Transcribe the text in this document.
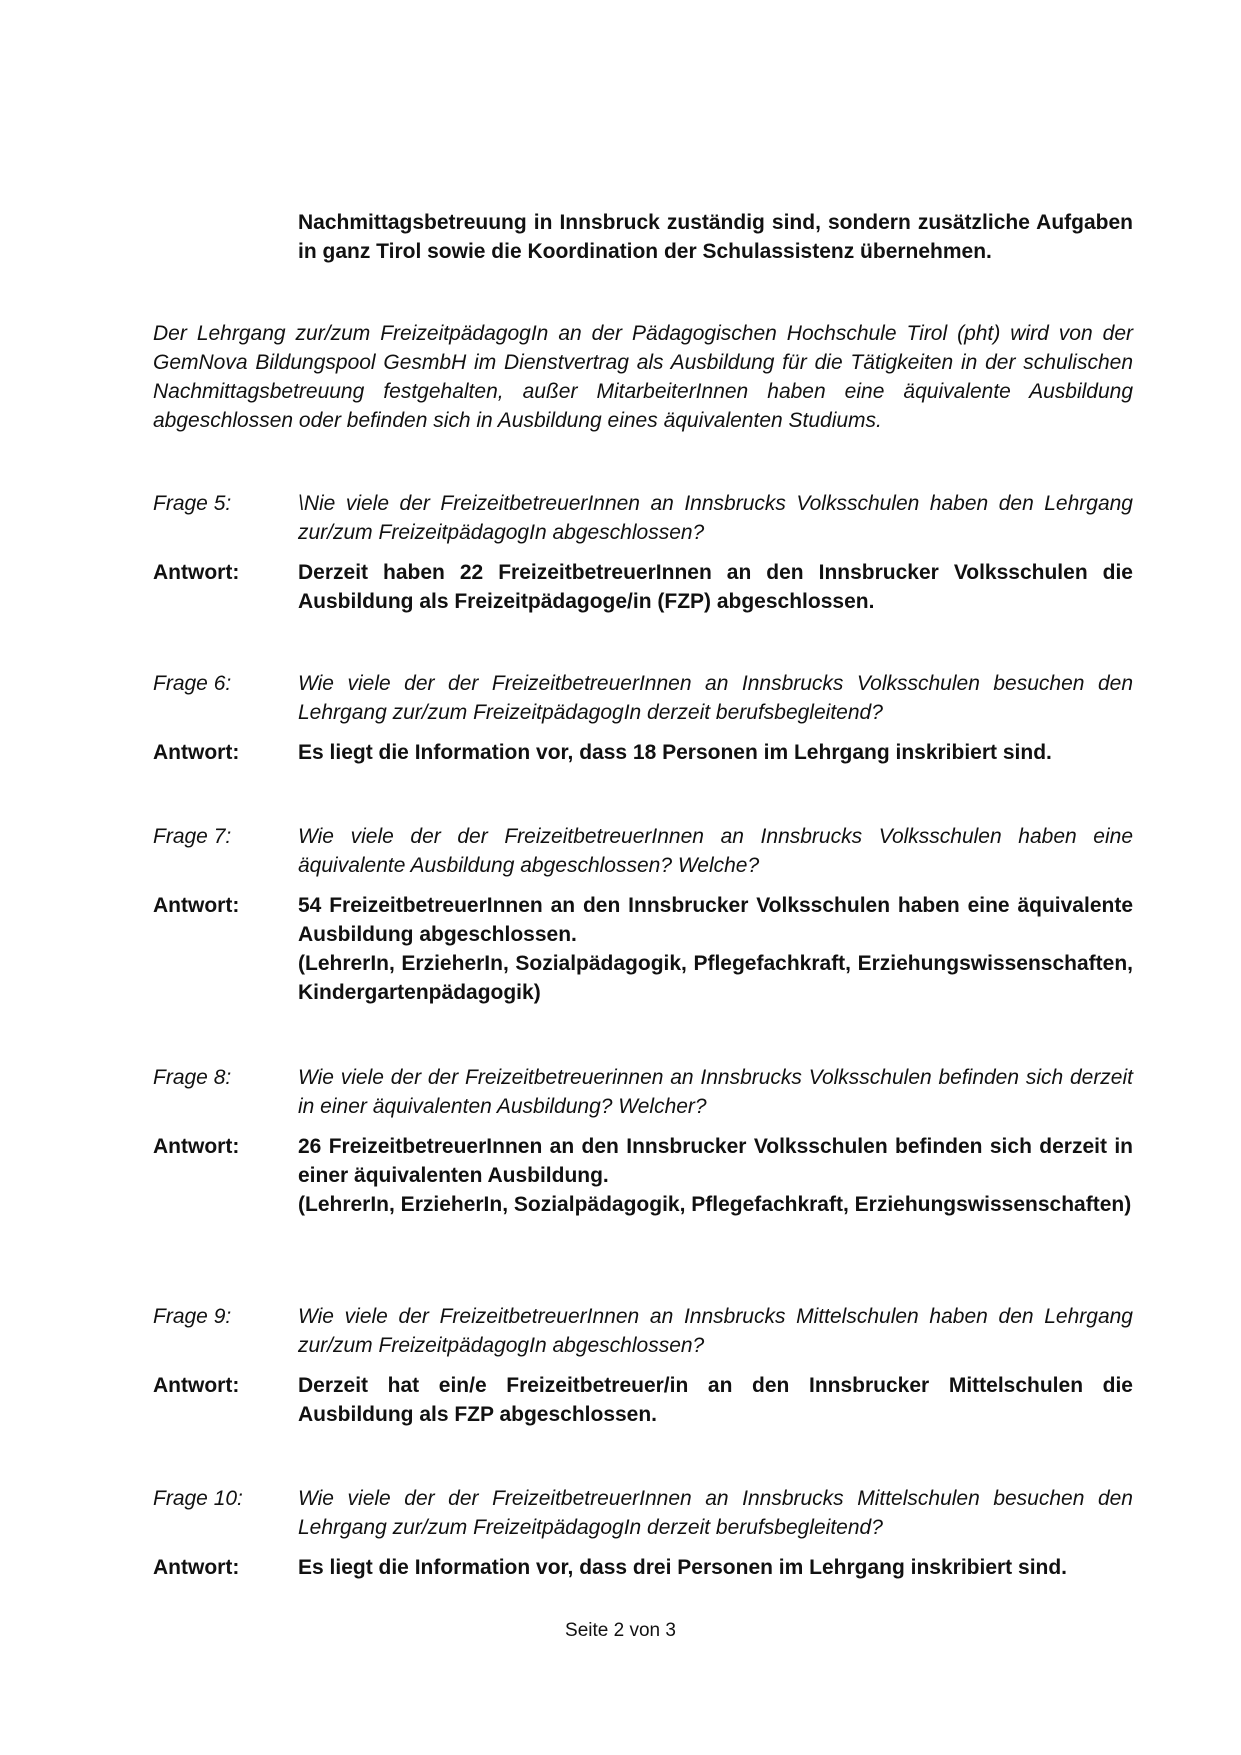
Nachmittagsbetreuung in Innsbruck zuständig sind, sondern zusätzliche Aufgaben in ganz Tirol sowie die Koordination der Schulassistenz übernehmen.
Der Lehrgang zur/zum FreizeitpädagogIn an der Pädagogischen Hochschule Tirol (pht) wird von der GemNova Bildungspool GesmbH im Dienstvertrag als Ausbildung für die Tätigkeiten in der schulischen Nachmittagsbetreuung festgehalten, außer MitarbeiterInnen haben eine äquivalente Ausbildung abgeschlossen oder befinden sich in Ausbildung eines äquivalenten Studiums.
Frage 5:	\Nie viele der FreizeitbetreuerInnen an Innsbrucks Volksschulen haben den Lehrgang zur/zum FreizeitpädagogIn abgeschlossen?
Antwort:	Derzeit haben 22 FreizeitbetreuerInnen an den Innsbrucker Volksschulen die Ausbildung als Freizeitpädagoge/in (FZP) abgeschlossen.
Frage 6:	Wie viele der der FreizeitbetreuerInnen an Innsbrucks Volksschulen besuchen den Lehrgang zur/zum FreizeitpädagogIn derzeit berufsbegleitend?
Antwort:	Es liegt die Information vor, dass 18 Personen im Lehrgang inskribiert sind.
Frage 7:	Wie viele der der FreizeitbetreuerInnen an Innsbrucks Volksschulen haben eine äquivalente Ausbildung abgeschlossen? Welche?
Antwort:	54 FreizeitbetreuerInnen an den Innsbrucker Volksschulen haben eine äquivalente Ausbildung abgeschlossen.
(LehrerIn, ErzieherIn, Sozialpädagogik, Pflegefachkraft, Erziehungswissenschaften, Kindergartenpädagogik)
Frage 8:	Wie viele der der Freizeitbetreuerinnen an Innsbrucks Volksschulen befinden sich derzeit in einer äquivalenten Ausbildung? Welcher?
Antwort:	26 FreizeitbetreuerInnen an den Innsbrucker Volksschulen befinden sich derzeit in einer äquivalenten Ausbildung.
(LehrerIn, ErzieherIn, Sozialpädagogik, Pflegefachkraft, Erziehungswissenschaften)
Frage 9:	Wie viele der FreizeitbetreuerInnen an Innsbrucks Mittelschulen haben den Lehrgang zur/zum FreizeitpädagogIn abgeschlossen?
Antwort:	Derzeit hat ein/e Freizeitbetreuer/in an den Innsbrucker Mittelschulen die Ausbildung als FZP abgeschlossen.
Frage 10:	Wie viele der der FreizeitbetreuerInnen an Innsbrucks Mittelschulen besuchen den Lehrgang zur/zum FreizeitpädagogIn derzeit berufsbegleitend?
Antwort:	Es liegt die Information vor, dass drei Personen im Lehrgang inskribiert sind.
Seite 2 von 3
